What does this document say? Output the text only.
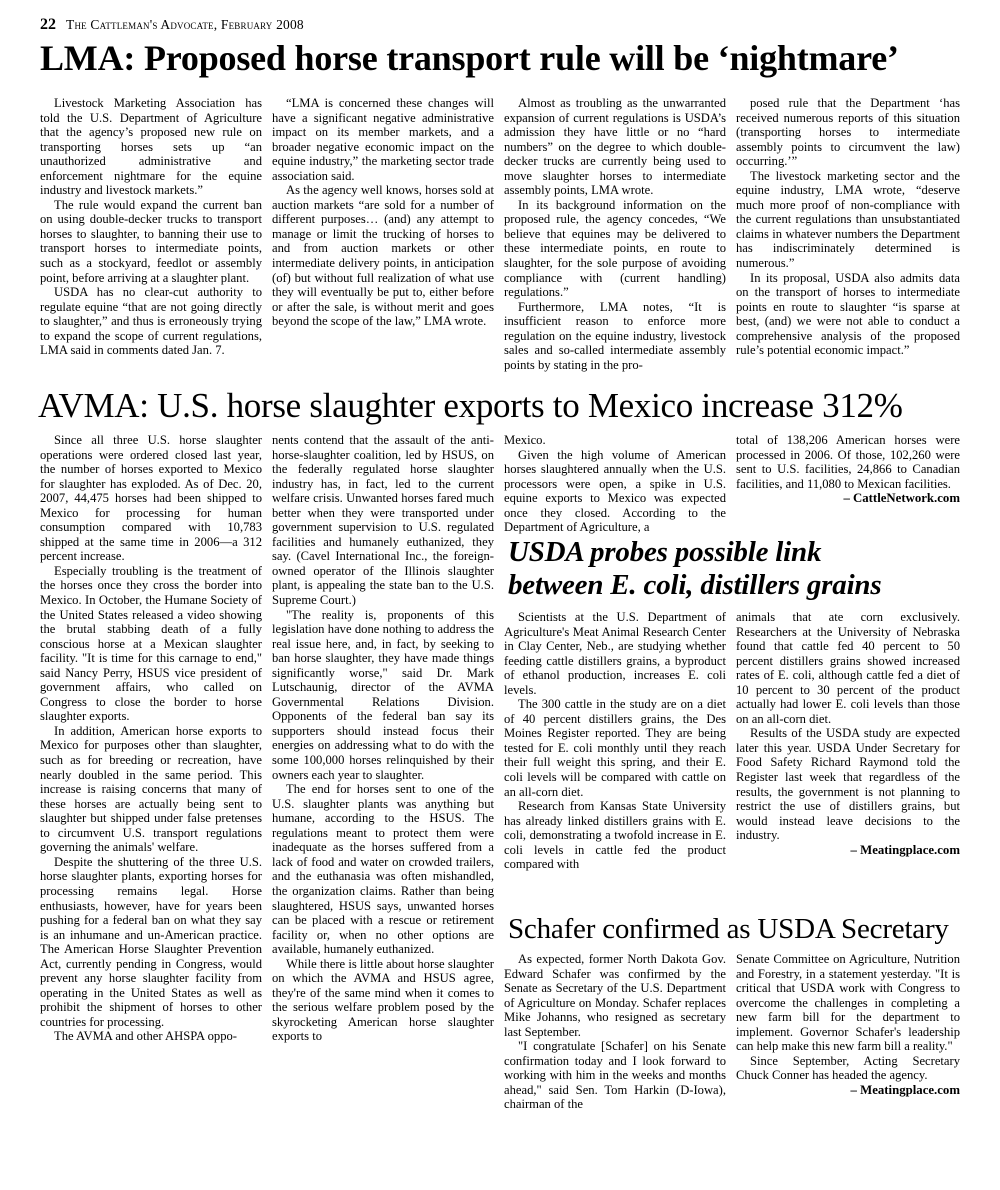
22 The Cattleman's Advocate, February 2008
LMA: Proposed horse transport rule will be ‘nightmare’

Livestock Marketing Association has told the U.S. Department of Agriculture that the agency’s proposed new rule on transporting horses sets up “an unauthorized administrative and enforcement nightmare for the equine industry and livestock markets.”

The rule would expand the current ban on using double-decker trucks to transport horses to slaughter, to banning their use to transport horses to intermediate points, such as a stockyard, feedlot or assembly point, before arriving at a slaughter plant.

USDA has no clear-cut authority to regulate equine “that are not going directly to slaughter,” and thus is erroneously trying to expand the scope of current regulations, LMA said in comments dated Jan. 7.

“LMA is concerned these changes will have a significant negative administrative impact on its member markets, and a broader negative economic impact on the equine industry,” the marketing sector trade association said.

As the agency well knows, horses sold at auction markets “are sold for a number of different purposes… (and) any attempt to manage or limit the trucking of horses to and from auction markets or other intermediate delivery points, in anticipation (of) but without full realization of what use they will eventually be put to, either before or after the sale, is without merit and goes beyond the scope of the law,” LMA wrote.

Almost as troubling as the unwarranted expansion of current regulations is USDA’s admission they have little or no “hard numbers” on the degree to which double-decker trucks are currently being used to move slaughter horses to intermediate assembly points, LMA wrote.

In its background information on the proposed rule, the agency concedes, “We believe that equines may be delivered to these intermediate points, en route to slaughter, for the sole purpose of avoiding compliance with (current handling) regulations.”

Furthermore, LMA notes, “It is insufficient reason to enforce more regulation on the equine industry, livestock sales and so-called intermediate assembly points by stating in the pro-

posed rule that the Department ‘has received numerous reports of this situation (transporting horses to intermediate assembly points to circumvent the law) occurring.’”

The livestock marketing sector and the equine industry, LMA wrote, “deserve much more proof of non-compliance with the current regulations than unsubstantiated claims in whatever numbers the Department has indiscriminately determined is numerous.”

In its proposal, USDA also admits data on the transport of horses to intermediate points en route to slaughter “is sparse at best, (and) we were not able to conduct a comprehensive analysis of the proposed rule’s potential economic impact.”

AVMA: U.S. horse slaughter exports to Mexico increase 312%

Since all three U.S. horse slaughter operations were ordered closed last year, the number of horses exported to Mexico for slaughter has exploded. As of Dec. 20, 2007, 44,475 horses had been shipped to Mexico for processing for human consumption compared with 10,783 shipped at the same time in 2006—a 312 percent increase.

Especially troubling is the treatment of the horses once they cross the border into Mexico. In October, the Humane Society of the United States released a video showing the brutal stabbing death of a fully conscious horse at a Mexican slaughter facility. "It is time for this carnage to end," said Nancy Perry, HSUS vice president of government affairs, who called on Congress to close the border to horse slaughter exports.

In addition, American horse exports to Mexico for purposes other than slaughter, such as for breeding or recreation, have nearly doubled in the same period. This increase is raising concerns that many of these horses are actually being sent to slaughter but shipped under false pretenses to circumvent U.S. transport regulations governing the animals' welfare.

Despite the shuttering of the three U.S. horse slaughter plants, exporting horses for processing remains legal. Horse enthusiasts, however, have for years been pushing for a federal ban on what they say is an inhumane and un-American practice. The American Horse Slaughter Prevention Act, currently pending in Congress, would prevent any horse slaughter facility from operating in the United States as well as prohibit the shipment of horses to other countries for processing.

The AVMA and other AHSPA oppo-

nents contend that the assault of the anti-horse-slaughter coalition, led by HSUS, on the federally regulated horse slaughter industry has, in fact, led to the current welfare crisis. Unwanted horses fared much better when they were transported under government supervision to U.S. regulated facilities and humanely euthanized, they say. (Cavel International Inc., the foreign-owned operator of the Illinois slaughter plant, is appealing the state ban to the U.S. Supreme Court.)

"The reality is, proponents of this legislation have done nothing to address the real issue here, and, in fact, by seeking to ban horse slaughter, they have made things significantly worse," said Dr. Mark Lutschaunig, director of the AVMA Governmental Relations Division. Opponents of the federal ban say its supporters should instead focus their energies on addressing what to do with the some 100,000 horses relinquished by their owners each year to slaughter.

The end for horses sent to one of the U.S. slaughter plants was anything but humane, according to the HSUS. The regulations meant to protect them were inadequate as the horses suffered from a lack of food and water on crowded trailers, and the euthanasia was often mishandled, the organization claims. Rather than being slaughtered, HSUS says, unwanted horses can be placed with a rescue or retirement facility or, when no other options are available, humanely euthanized.

While there is little about horse slaughter on which the AVMA and HSUS agree, they're of the same mind when it comes to the serious welfare problem posed by the skyrocketing American horse slaughter exports to

Mexico.

Given the high volume of American horses slaughtered annually when the U.S. processors were open, a spike in U.S. equine exports to Mexico was expected once they closed. According to the Department of Agriculture, a

total of 138,206 American horses were processed in 2006. Of those, 102,260 were sent to U.S. facilities, 24,866 to Canadian facilities, and 11,080 to Mexican facilities.

– CattleNetwork.com

USDA probes possible link
between E. coli, distillers grains

Scientists at the U.S. Department of Agriculture's Meat Animal Research Center in Clay Center, Neb., are studying whether feeding cattle distillers grains, a byproduct of ethanol production, increases E. coli levels.

The 300 cattle in the study are on a diet of 40 percent distillers grains, the Des Moines Register reported. They are being tested for E. coli monthly until they reach their full weight this spring, and their E. coli levels will be compared with cattle on an all-corn diet.

Research from Kansas State University has already linked distillers grains with E. coli, demonstrating a twofold increase in E. coli levels in cattle fed the product compared with

animals that ate corn exclusively. Researchers at the University of Nebraska found that cattle fed 40 percent to 50 percent distillers grains showed increased rates of E. coli, although cattle fed a diet of 10 percent to 30 percent of the product actually had lower E. coli levels than those on an all-corn diet.

Results of the USDA study are expected later this year. USDA Under Secretary for Food Safety Richard Raymond told the Register last week that regardless of the results, the government is not planning to restrict the use of distillers grains, but would instead leave decisions to the industry.

– Meatingplace.com

Schafer confirmed as USDA Secretary

As expected, former North Dakota Gov. Edward Schafer was confirmed by the Senate as Secretary of the U.S. Department of Agriculture on Monday. Schafer replaces Mike Johanns, who resigned as secretary last September.

"I congratulate [Schafer] on his Senate confirmation today and I look forward to working with him in the weeks and months ahead," said Sen. Tom Harkin (D-Iowa), chairman of the

Senate Committee on Agriculture, Nutrition and Forestry, in a statement yesterday. "It is critical that USDA work with Congress to overcome the challenges in completing a new farm bill for the department to implement. Governor Schafer's leadership can help make this new farm bill a reality."

Since September, Acting Secretary Chuck Conner has headed the agency.

– Meatingplace.com
